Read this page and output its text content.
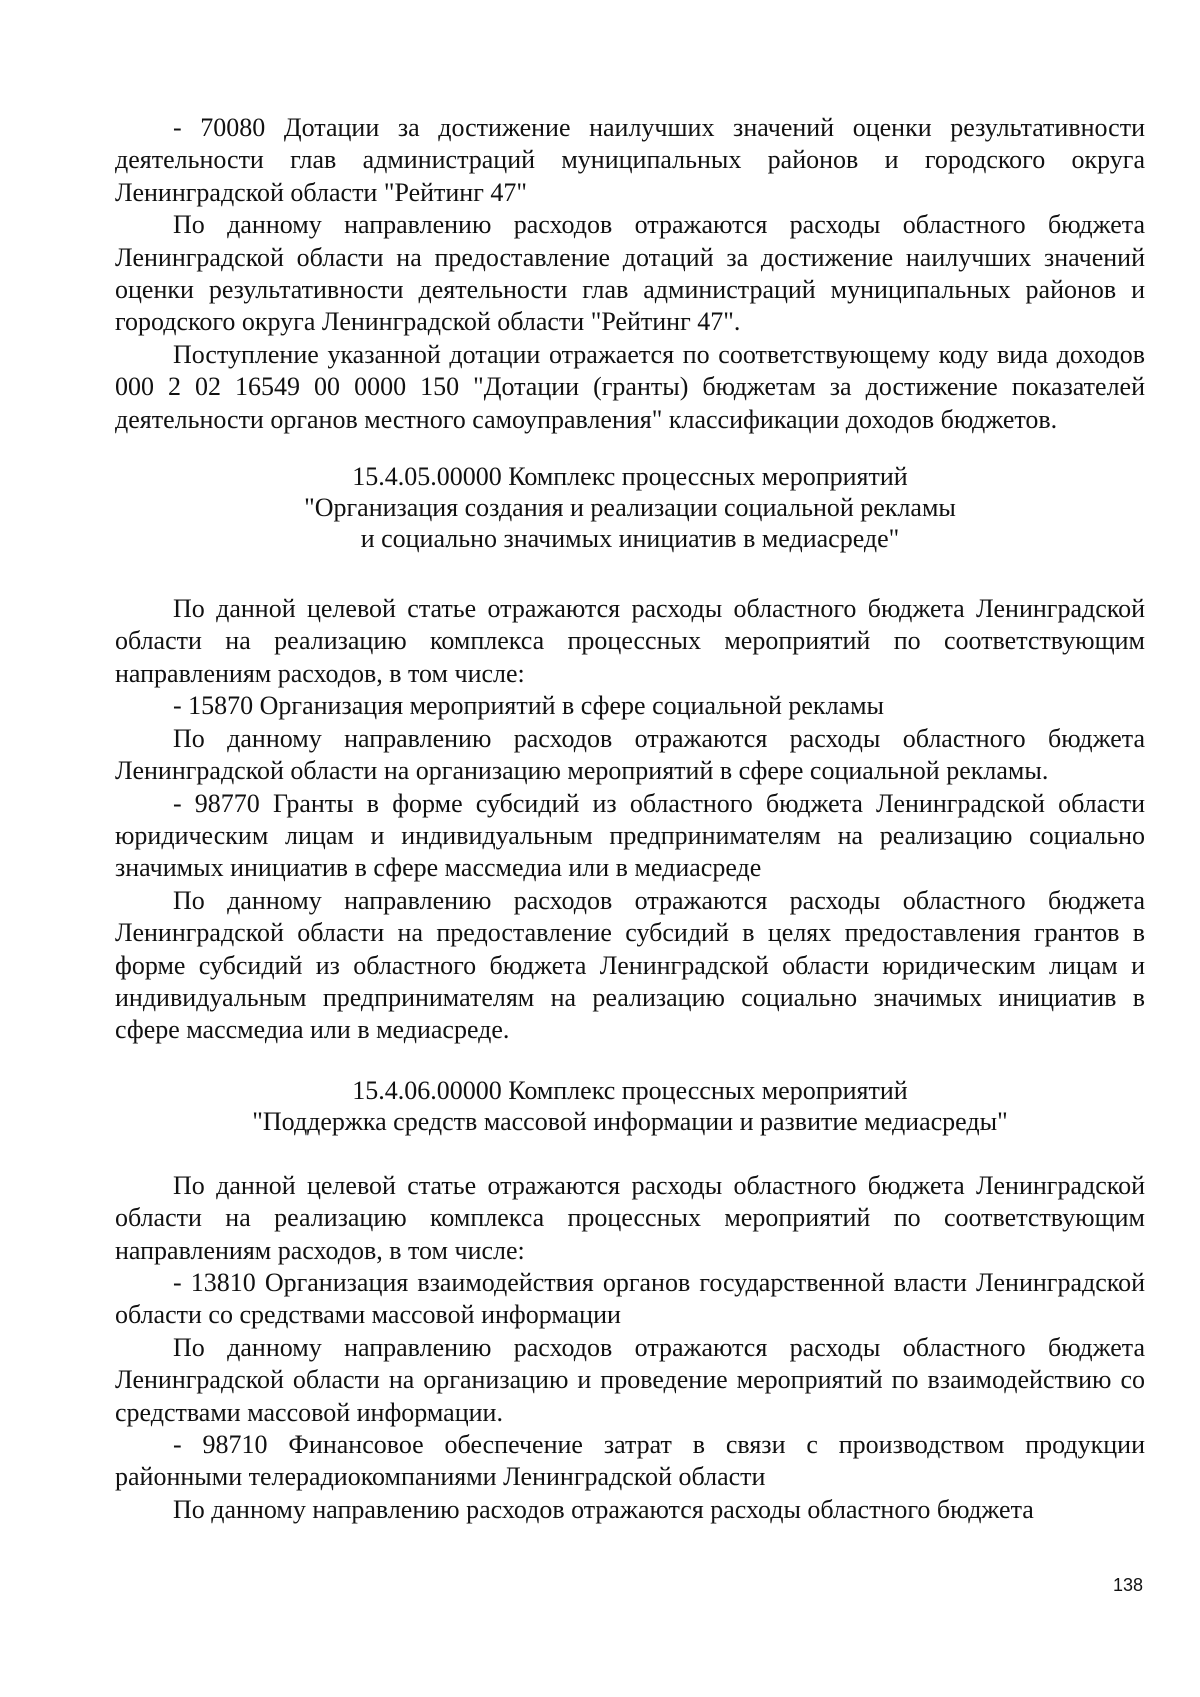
- 70080 Дотации за достижение наилучших значений оценки результативности деятельности глав администраций муниципальных районов и городского округа Ленинградской области "Рейтинг 47"

По данному направлению расходов отражаются расходы областного бюджета Ленинградской области на предоставление дотаций за достижение наилучших значений оценки результативности деятельности глав администраций муниципальных районов и городского округа Ленинградской области "Рейтинг 47".

Поступление указанной дотации отражается по соответствующему коду вида доходов 000 2 02 16549 00 0000 150 "Дотации (гранты) бюджетам за достижение показателей деятельности органов местного самоуправления" классификации доходов бюджетов.

15.4.05.00000 Комплекс процессных мероприятий
"Организация создания и реализации социальной рекламы
и социально значимых инициатив в медиасреде"

По данной целевой статье отражаются расходы областного бюджета Ленинградской области на реализацию комплекса процессных мероприятий по соответствующим направлениям расходов, в том числе:

- 15870 Организация мероприятий в сфере социальной рекламы

По данному направлению расходов отражаются расходы областного бюджета Ленинградской области на организацию мероприятий в сфере социальной рекламы.

- 98770 Гранты в форме субсидий из областного бюджета Ленинградской области юридическим лицам и индивидуальным предпринимателям на реализацию социально значимых инициатив в сфере массмедиа или в медиасреде

По данному направлению расходов отражаются расходы областного бюджета Ленинградской области на предоставление субсидий в целях предоставления грантов в форме субсидий из областного бюджета Ленинградской области юридическим лицам и индивидуальным предпринимателям на реализацию социально значимых инициатив в сфере массмедиа или в медиасреде.

15.4.06.00000 Комплекс процессных мероприятий
"Поддержка средств массовой информации и развитие медиасреды"

По данной целевой статье отражаются расходы областного бюджета Ленинградской области на реализацию комплекса процессных мероприятий по соответствующим направлениям расходов, в том числе:

- 13810 Организация взаимодействия органов государственной власти Ленинградской области со средствами массовой информации

По данному направлению расходов отражаются расходы областного бюджета Ленинградской области на организацию и проведение мероприятий по взаимодействию со средствами массовой информации.

- 98710 Финансовое обеспечение затрат в связи с производством продукции районными телерадиокомпаниями Ленинградской области

По данному направлению расходов отражаются расходы областного бюджета

138
